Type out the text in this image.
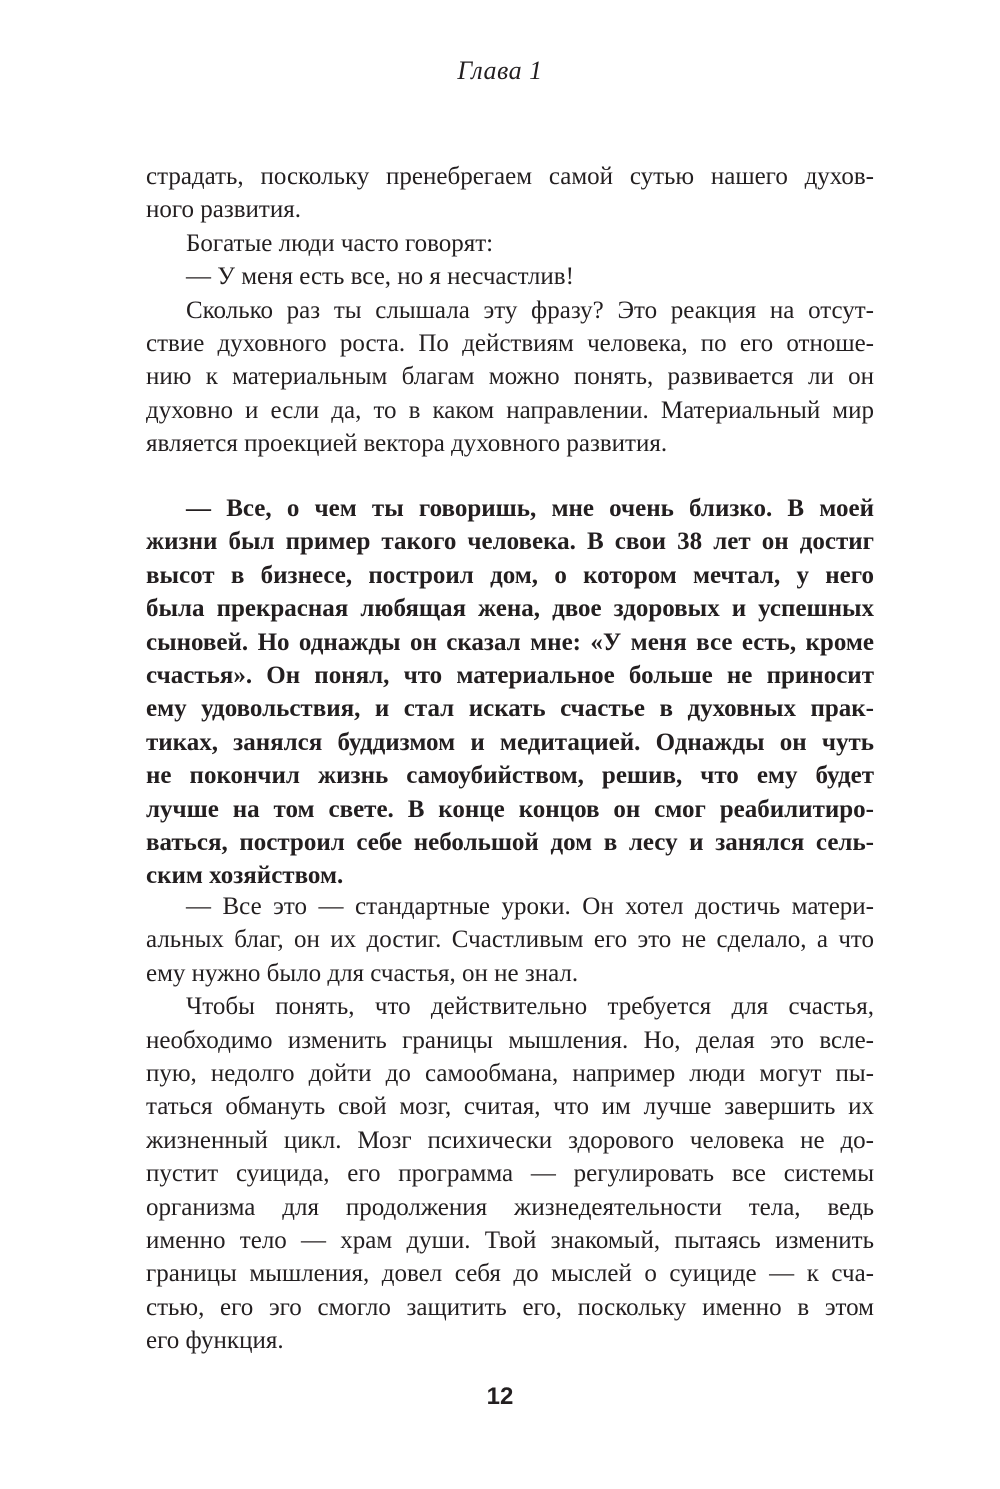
Глава 1
страдать, поскольку пренебрегаем самой сутью нашего духов-
ного развития.
Богатые люди часто говорят:
— У меня есть все, но я несчастлив!
Сколько раз ты слышала эту фразу? Это реакция на отсут-
ствие духовного роста. По действиям человека, по его отноше-
нию к материальным благам можно понять, развивается ли он
духовно и если да, то в каком направлении. Материальный мир
является проекцией вектора духовного развития.
— Все, о чем ты говоришь, мне очень близко. В моей
жизни был пример такого человека. В свои 38 лет он достиг
высот в бизнесе, построил дом, о котором мечтал, у него
была прекрасная любящая жена, двое здоровых и успешных
сыновей. Но однажды он сказал мне: «У меня все есть, кроме
счастья». Он понял, что материальное больше не приносит
ему удовольствия, и стал искать счастье в духовных прак-
тиках, занялся буддизмом и медитацией. Однажды он чуть
не покончил жизнь самоубийством, решив, что ему будет
лучше на том свете. В конце концов он смог реабилитиро-
ваться, построил себе небольшой дом в лесу и занялся сель-
ским хозяйством.
— Все это — стандартные уроки. Он хотел достичь матери-
альных благ, он их достиг. Счастливым его это не сделало, а что
ему нужно было для счастья, он не знал.
Чтобы понять, что действительно требуется для счастья,
необходимо изменить границы мышления. Но, делая это вслe-
пую, недолго дойти до самообмана, например люди могут пы-
таться обмануть свой мозг, считая, что им лучше завершить их
жизненный цикл. Мозг психически здорового человека не до-
пустит суицида, его программа — регулировать все системы
организма для продолжения жизнедеятельности тела, ведь
именно тело — храм души. Твой знакомый, пытаясь изменить
границы мышления, довел себя до мыслей о суициде — к сча-
стью, его эго смогло защитить его, поскольку именно в этом
его функция.
12
